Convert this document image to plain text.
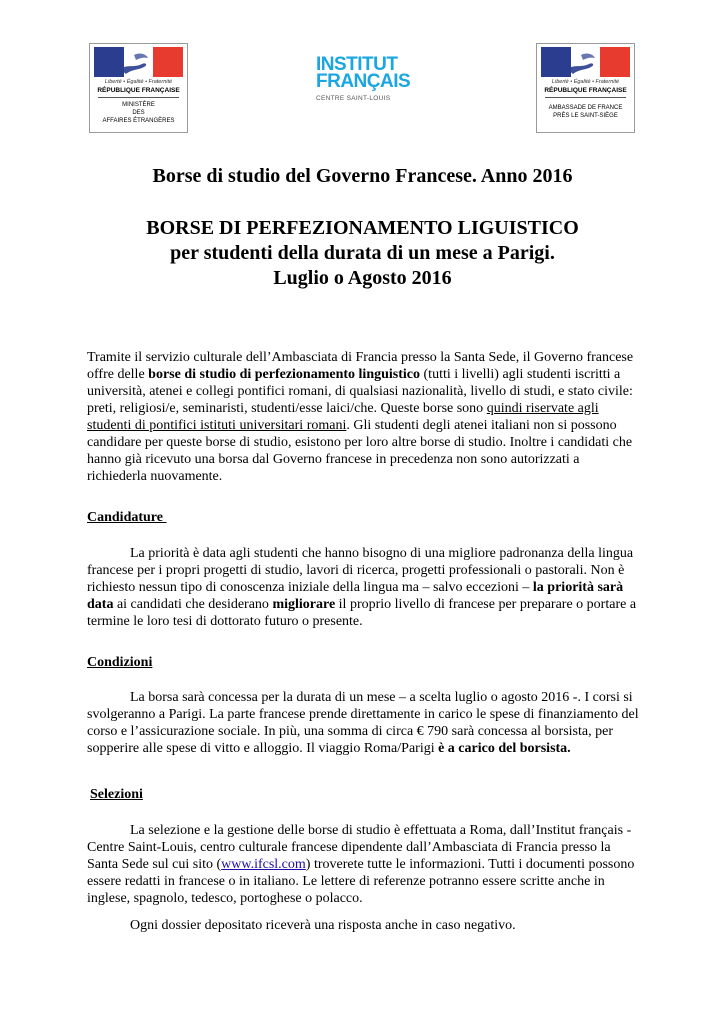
Liberté • Égalité • Fraternité
RÉPUBLIQUE FRANÇAISE
MINISTÈRE
DES
AFFAIRES ÉTRANGÈRES
INSTITUT
FRANÇAIS
CENTRE SAINT-LOUIS
Liberté • Égalité • Fraternité
RÉPUBLIQUE FRANÇAISE
AMBASSADE DE FRANCE
PRÈS LE SAINT-SIÈGE
Borse di studio del Governo Francese. Anno 2016
BORSE DI PERFEZIONAMENTO LIGUISTICO
per studenti della durata di un mese a Parigi.
Luglio o Agosto 2016
Tramite il servizio culturale dell’Ambasciata di Francia presso la Santa Sede, il Governo francese
offre delle borse di studio di perfezionamento linguistico (tutti i livelli) agli studenti iscritti a
università, atenei e collegi pontifici romani, di qualsiasi nazionalità, livello di studi, e stato civile:
preti, religiosi/e, seminaristi, studenti/esse laici/che. Queste borse sono quindi riservate agli
studenti di pontifici istituti universitari romani. Gli studenti degli atenei italiani non si possono
candidare per queste borse di studio, esistono per loro altre borse di studio. Inoltre i candidati che
hanno già ricevuto una borsa dal Governo francese in precedenza non sono autorizzati a
richiederla nuovamente.
Candidature
La priorità è data agli studenti che hanno bisogno di una migliore padronanza della lingua
francese per i propri progetti di studio, lavori di ricerca, progetti professionali o pastorali. Non è
richiesto nessun tipo di conoscenza iniziale della lingua ma – salvo eccezioni – la priorità sarà
data ai candidati che desiderano migliorare il proprio livello di francese per preparare o portare a
termine le loro tesi di dottorato futuro o presente.
Condizioni
La borsa sarà concessa per la durata di un mese – a scelta luglio o agosto 2016 -. I corsi si
svolgeranno a Parigi. La parte francese prende direttamente in carico le spese di finanziamento del
corso e l’assicurazione sociale. In più, una somma di circa € 790 sarà concessa al borsista, per
sopperire alle spese di vitto e alloggio. Il viaggio Roma/Parigi è a carico del borsista.
Selezioni
La selezione e la gestione delle borse di studio è effettuata a Roma, dall’Institut français -
Centre Saint-Louis, centro culturale francese dipendente dall’Ambasciata di Francia presso la
Santa Sede sul cui sito (www.ifcsl.com) troverete tutte le informazioni. Tutti i documenti possono
essere redatti in francese o in italiano. Le lettere di referenze potranno essere scritte anche in
inglese, spagnolo, tedesco, portoghese o polacco.
Ogni dossier depositato riceverà una risposta anche in caso negativo.
